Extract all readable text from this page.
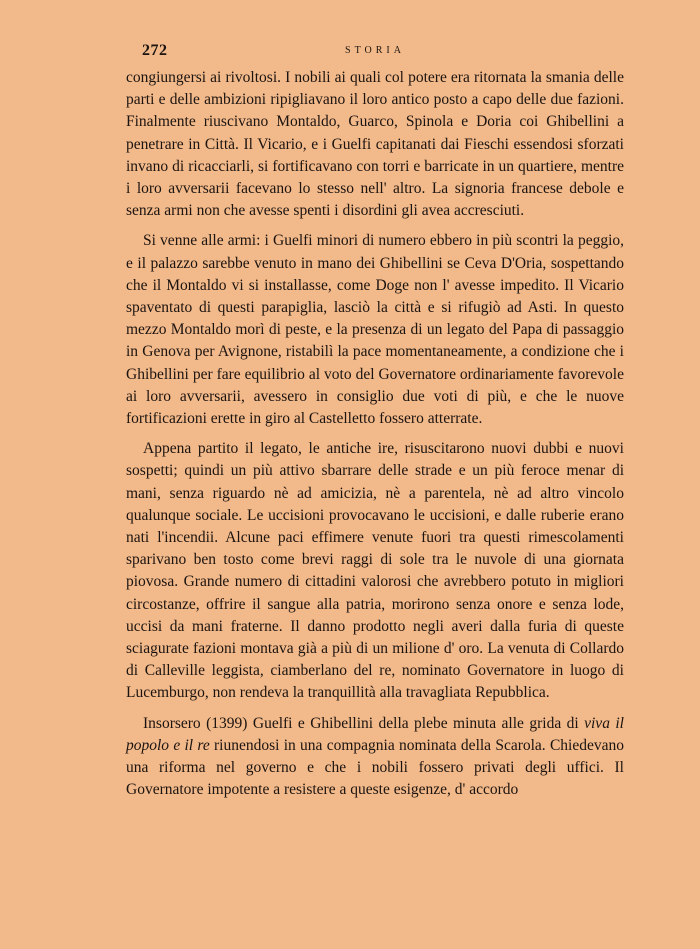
272	STORIA

congiungersi ai rivoltosi. I nobili ai quali col potere era ritornata la smania delle parti e delle ambizioni ripigliavano il loro antico posto a capo delle due fazioni. Finalmente riuscivano Montaldo, Guarco, Spinola e Doria coi Ghibellini a penetrare in Città. Il Vicario, e i Guelfi capitanati dai Fieschi essendosi sforzati invano di ricacciarli, si fortificavano con torri e barricate in un quartiere, mentre i loro avversarii facevano lo stesso nell' altro. La signoria francese debole e senza armi non che avesse spenti i disordini gli avea accresciuti.

Si venne alle armi: i Guelfi minori di numero ebbero in più scontri la peggio, e il palazzo sarebbe venuto in mano dei Ghibellini se Ceva D'Oria, sospettando che il Montaldo vi si installasse, come Doge non l' avesse impedito. Il Vicario spaventato di questi parapiglia, lasciò la città e si rifugiò ad Asti. In questo mezzo Montaldo morì di peste, e la presenza di un legato del Papa di passaggio in Genova per Avignone, ristabilì la pace momentaneamente, a condizione che i Ghibellini per fare equilibrio al voto del Governatore ordinariamente favorevole ai loro avversarii, avessero in consiglio due voti di più, e che le nuove fortificazioni erette in giro al Castelletto fossero atterrate.

Appena partito il legato, le antiche ire, risuscitarono nuovi dubbi e nuovi sospetti; quindi un più attivo sbarrare delle strade e un più feroce menar di mani, senza riguardo nè ad amicizia, nè a parentela, nè ad altro vincolo qualunque sociale. Le uccisioni provocavano le uccisioni, e dalle ruberie erano nati l'incendii. Alcune paci effimere venute fuori tra questi rimescolamenti sparivano ben tosto come brevi raggi di sole tra le nuvole di una giornata piovosa. Grande numero di cittadini valorosi che avrebbero potuto in migliori circostanze, offrire il sangue alla patria, morirono senza onore e senza lode, uccisi da mani fraterne. Il danno prodotto negli averi dalla furia di queste sciagurate fazioni montava già a più di un milione d' oro. La venuta di Collardo di Calleville leggista, ciamberlano del re, nominato Governatore in luogo di Lucemburgo, non rendeva la tranquillità alla travagliata Repubblica.

Insorsero (1399) Guelfi e Ghibellini della plebe minuta alle grida di viva il popolo e il re riunendosi in una compagnia nominata della Scarola. Chiedevano una riforma nel governo e che i nobili fossero privati degli uffici. Il Governatore impotente a resistere a queste esigenze, d' accordo
